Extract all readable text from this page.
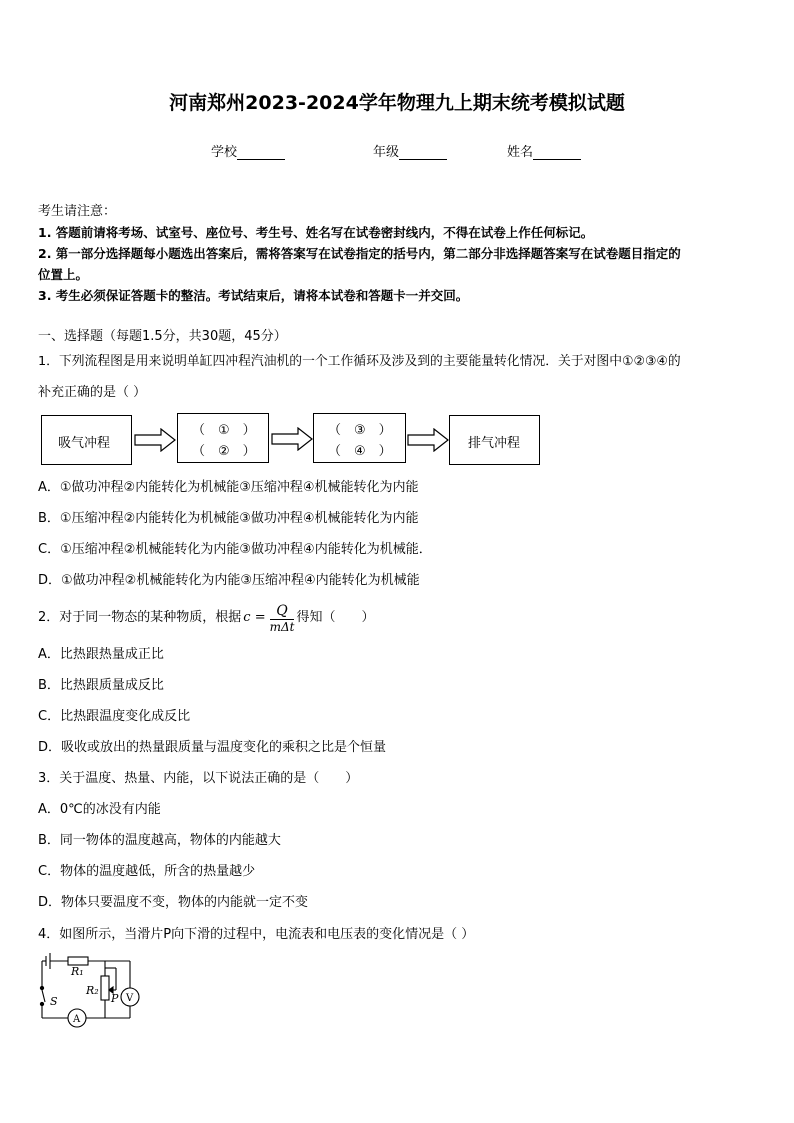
河南郑州2023-2024学年物理九上期末统考模拟试题
学校	年级	姓名
考生请注意：
1. 答题前请将考场、试室号、座位号、考生号、姓名写在试卷密封线内，不得在试卷上作任何标记。
2. 第一部分选择题每小题选出答案后，需将答案写在试卷指定的括号内，第二部分非选择题答案写在试卷题目指定的
位置上。
3. 考生必须保证答题卡的整洁。考试结束后，请将本试卷和答题卡一并交回。
一、选择题（每题1.5分，共30题，45分）
1．下列流程图是用来说明单缸四冲程汽油机的一个工作循环及涉及到的主要能量转化情况．关于对图中①②③④的
补充正确的是（ ）
吸气冲程
（　①　）
（　②　）
（　③　）
（　④　）
排气冲程
A．①做功冲程②内能转化为机械能③压缩冲程④机械能转化为内能
B．①压缩冲程②内能转化为机械能③做功冲程④机械能转化为内能
C．①压缩冲程②机械能转化为内能③做功冲程④内能转化为机械能．
D．①做功冲程②机械能转化为内能③压缩冲程④内能转化为机械能
2．对于同一物态的某种物质，根据 $c = \frac{Q}{\text{mΔt}}$ 得知（　　）
A．比热跟热量成正比
B．比热跟质量成反比
C．比热跟温度变化成反比
D．吸收或放出的热量跟质量与温度变化的乘积之比是个恒量
3．关于温度、热量、内能，以下说法正确的是（　　）
A．0℃的冰没有内能
B．同一物体的温度越高，物体的内能越大
C．物体的温度越低，所含的热量越少
D．物体只要温度不变，物体的内能就一定不变
4．如图所示，当滑片P向下滑的过程中，电流表和电压表的变化情况是（ ）
R₁
R₂
P
S
A
V
